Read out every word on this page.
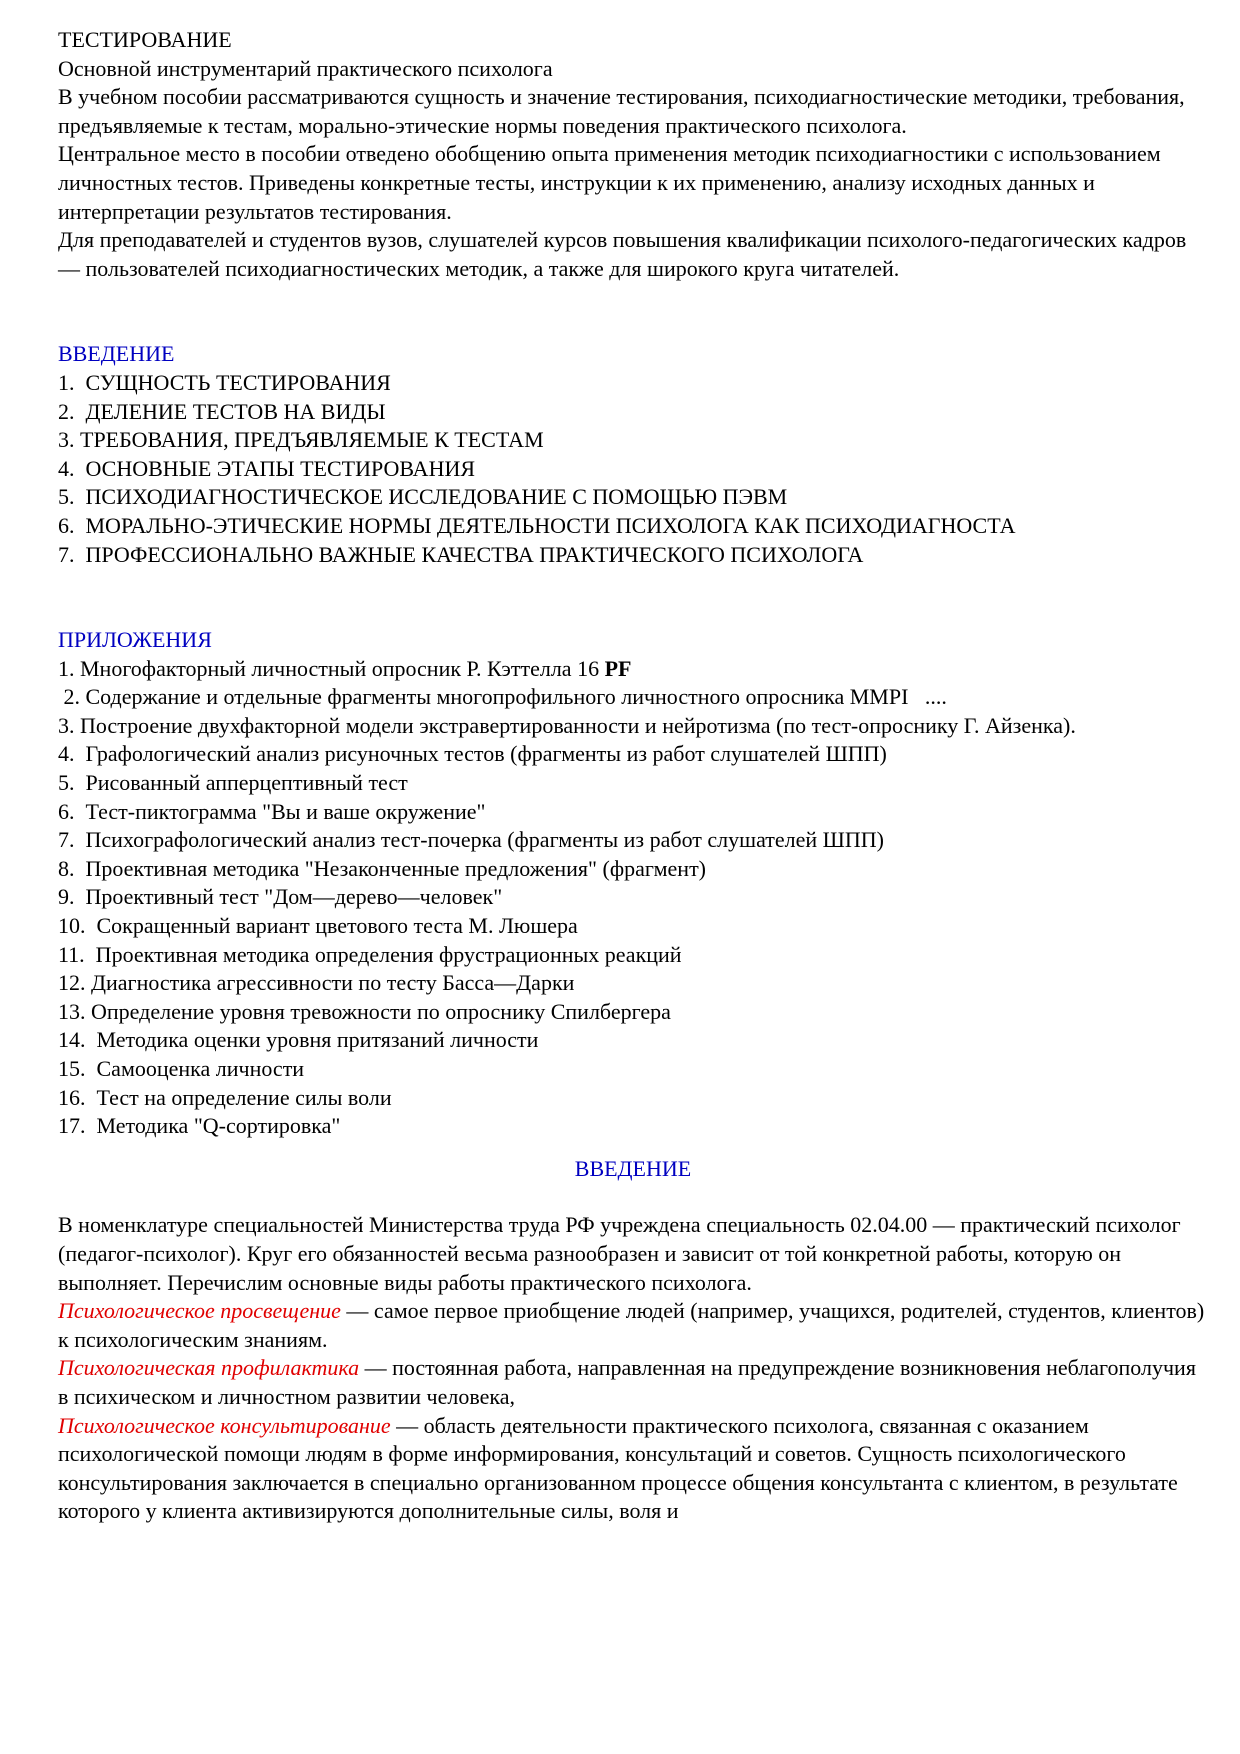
ТЕСТИРОВАНИЕ
Основной инструментарий практического психолога
В учебном пособии рассматриваются сущность и значение тестирования, психодиагностические методики, требования, предъявляемые к тестам, морально-этические нормы поведения практического психолога.
Центральное место в пособии отведено обобщению опыта применения методик психодиагностики с использованием личностных тестов. Приведены конкретные тесты, инструкции к их применению, анализу исходных данных и интерпретации результатов тестирования.
Для преподавателей и студентов вузов, слушателей курсов повышения квалификации психолого-педагогических кадров — пользователей психодиагностических методик, а также для широкого круга читателей.
ВВЕДЕНИЕ
1.  СУЩНОСТЬ ТЕСТИРОВАНИЯ
2.  ДЕЛЕНИЕ ТЕСТОВ НА ВИДЫ
3. ТРЕБОВАНИЯ, ПРЕДЪЯВЛЯЕМЫЕ К ТЕСТАМ
4.  ОСНОВНЫЕ ЭТАПЫ ТЕСТИРОВАНИЯ
5.  ПСИХОДИАГНОСТИЧЕСКОЕ ИССЛЕДОВАНИЕ С ПОМОЩЬЮ ПЭВМ
6.  МОРАЛЬНО-ЭТИЧЕСКИЕ НОРМЫ ДЕЯТЕЛЬНОСТИ ПСИХОЛОГА КАК ПСИХОДИАГНОСТА
7.  ПРОФЕССИОНАЛЬНО ВАЖНЫЕ КАЧЕСТВА ПРАКТИЧЕСКОГО ПСИХОЛОГА
ПРИЛОЖЕНИЯ
1. Многофакторный личностный опросник Р. Кэттелла 16 PF
2. Содержание и отдельные фрагменты многопрофильного личностного опросника MMPI   ....
3. Построение двухфакторной модели экстравертированности и нейротизма (по тест-опроснику Г. Айзенка).
4.  Графологический анализ рисуночных тестов (фрагменты из работ слушателей ШПП)
5.  Рисованный апперцептивный тест
6.  Тест-пиктограмма "Вы и ваше окружение"
7.  Психографологический анализ тест-почерка (фрагменты из работ слушателей ШПП)
8.  Проективная методика "Незаконченные предложения" (фрагмент)
9.  Проективный тест "Дом—дерево—человек"
10.  Сокращенный вариант цветового теста М. Люшера
11.  Проективная методика определения фрустрационных реакций
12. Диагностика агрессивности по тесту Басса—Дарки
13. Определение уровня тревожности по опроснику Спилбергера
14.  Методика оценки уровня притязаний личности
15.  Самооценка личности
16.  Тест на определение силы воли
17.  Методика "Q-сортировка"
ВВЕДЕНИЕ
В номенклатуре специальностей Министерства труда РФ учреждена специальность 02.04.00 — практический психолог (педагог-психолог). Круг его обязанностей весьма разнообразен и зависит от той конкретной работы, которую он выполняет. Перечислим основные виды работы практического психолога.
Психологическое просвещение — самое первое приобщение людей (например, учащихся, родителей, студентов, клиентов) к психологическим знаниям.
Психологическая профилактика — постоянная работа, направленная на предупреждение возникновения неблагополучия в психическом и личностном развитии человека,
Психологическое консультирование — область деятельности практического психолога, связанная с оказанием психологической помощи людям в форме информирования, консультаций и советов. Сущность психологического консультирования заключается в специально организованном процессе общения консультанта с клиентом, в результате которого у клиента активизируются дополнительные силы, воля и
